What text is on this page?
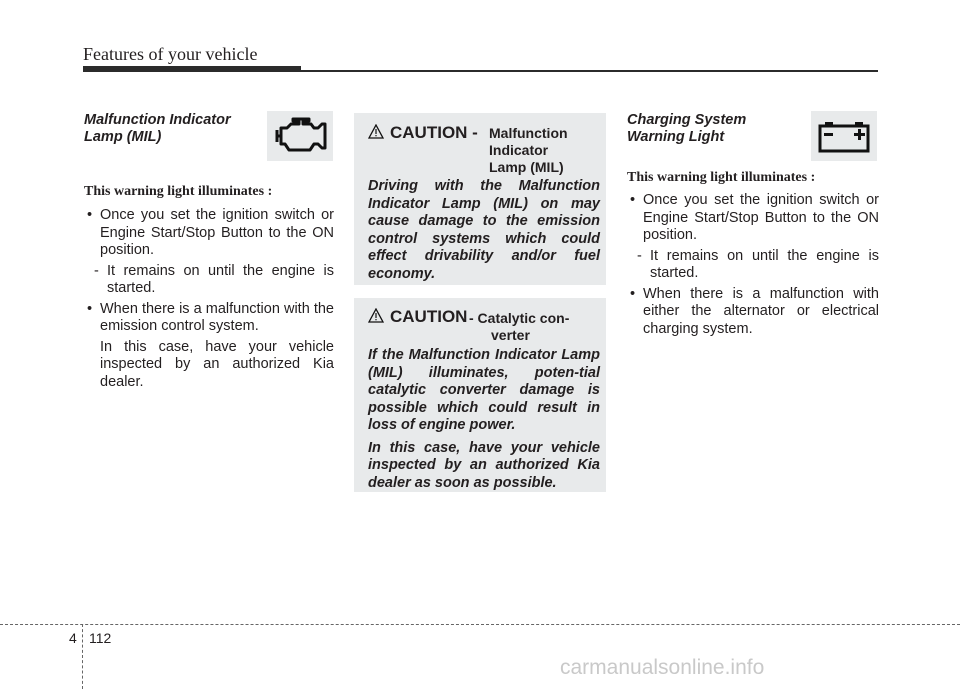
Features of your vehicle
Malfunction Indicator
Lamp (MIL)
This warning light illuminates :
• Once you set the ignition switch or Engine Start/Stop Button to the ON position.
- It remains on until the engine is started.
• When there is a malfunction with the emission control system.
In this case, have your vehicle inspected by an authorized Kia dealer.
CAUTION - Malfunction
Indicator
Lamp (MIL)

Driving with the Malfunction Indicator Lamp (MIL) on may cause damage to the emission control systems which could effect drivability and/or fuel economy.

CAUTION - Catalytic con-
verter

If the Malfunction Indicator Lamp (MIL) illuminates, poten-tial catalytic converter damage is possible which could result in loss of engine power.

In this case, have your vehicle inspected by an authorized Kia dealer as soon as possible.

Charging System
Warning Light
This warning light illuminates :
• Once you set the ignition switch or Engine Start/Stop Button to the ON position.
- It remains on until the engine is started.
• When there is a malfunction with either the alternator or electrical charging system.
4 112
carmanualsonline.info
